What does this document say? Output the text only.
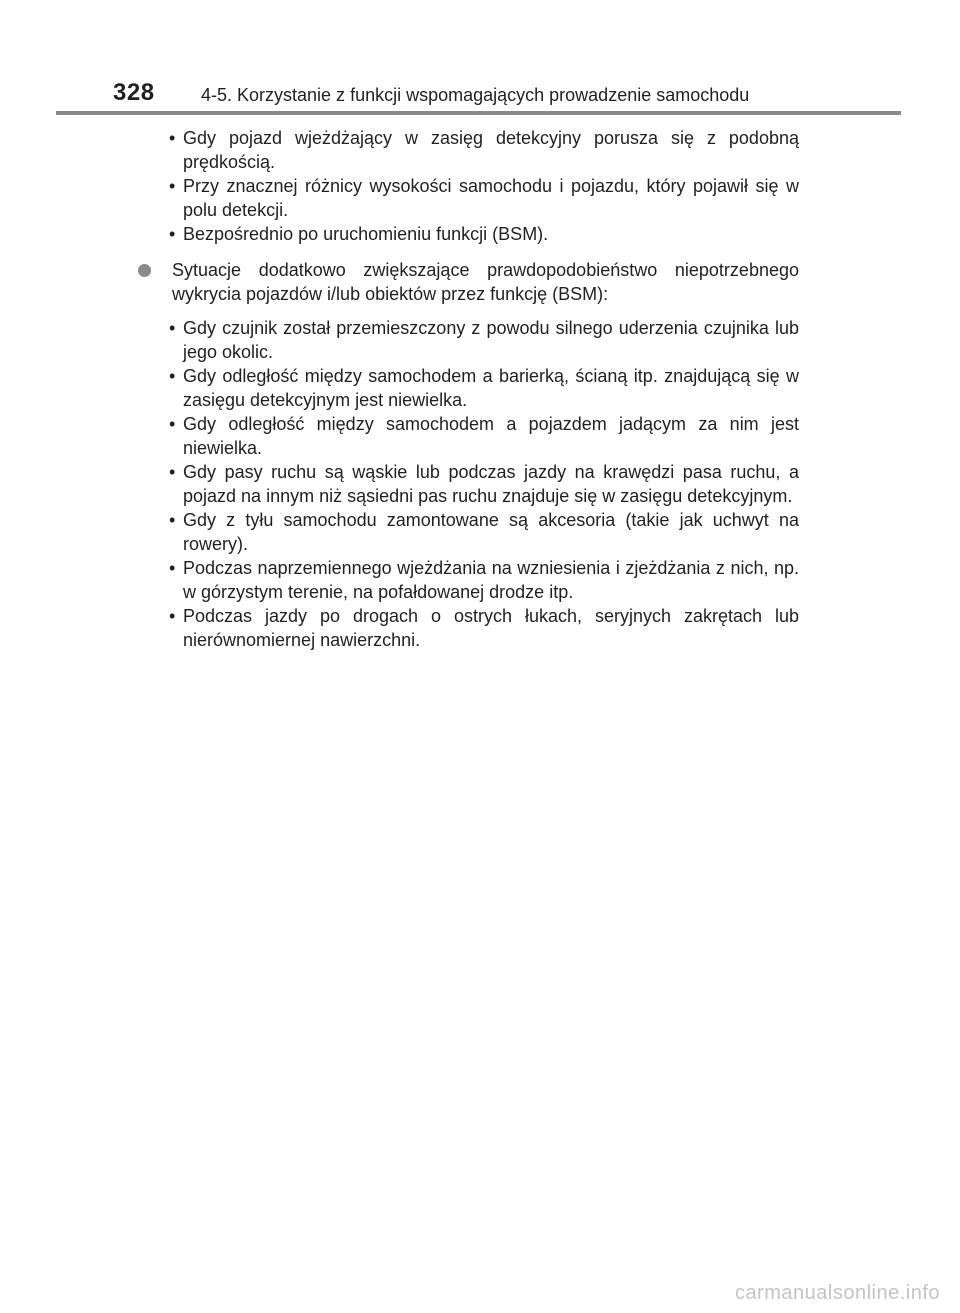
328	4-5. Korzystanie z funkcji wspomagających prowadzenie samochodu
• Gdy pojazd wjeżdżający w zasięg detekcyjny porusza się z podobną prędkością.
• Przy znacznej różnicy wysokości samochodu i pojazdu, który pojawił się w polu detekcji.
• Bezpośrednio po uruchomieniu funkcji (BSM).
Sytuacje dodatkowo zwiększające prawdopodobieństwo niepotrzebnego wykrycia pojazdów i/lub obiektów przez funkcję (BSM):
• Gdy czujnik został przemieszczony z powodu silnego uderzenia czujnika lub jego okolic.
• Gdy odległość między samochodem a barierką, ścianą itp. znajdującą się w zasięgu detekcyjnym jest niewielka.
• Gdy odległość między samochodem a pojazdem jadącym za nim jest niewielka.
• Gdy pasy ruchu są wąskie lub podczas jazdy na krawędzi pasa ruchu, a pojazd na innym niż sąsiedni pas ruchu znajduje się w zasięgu detekcyjnym.
• Gdy z tyłu samochodu zamontowane są akcesoria (takie jak uchwyt na rowery).
• Podczas naprzemiennego wjeżdżania na wzniesienia i zjeżdżania z nich, np. w górzystym terenie, na pofałdowanej drodze itp.
• Podczas jazdy po drogach o ostrych łukach, seryjnych zakrętach lub nierównomiernej nawierzchni.
carmanualsonline.info
